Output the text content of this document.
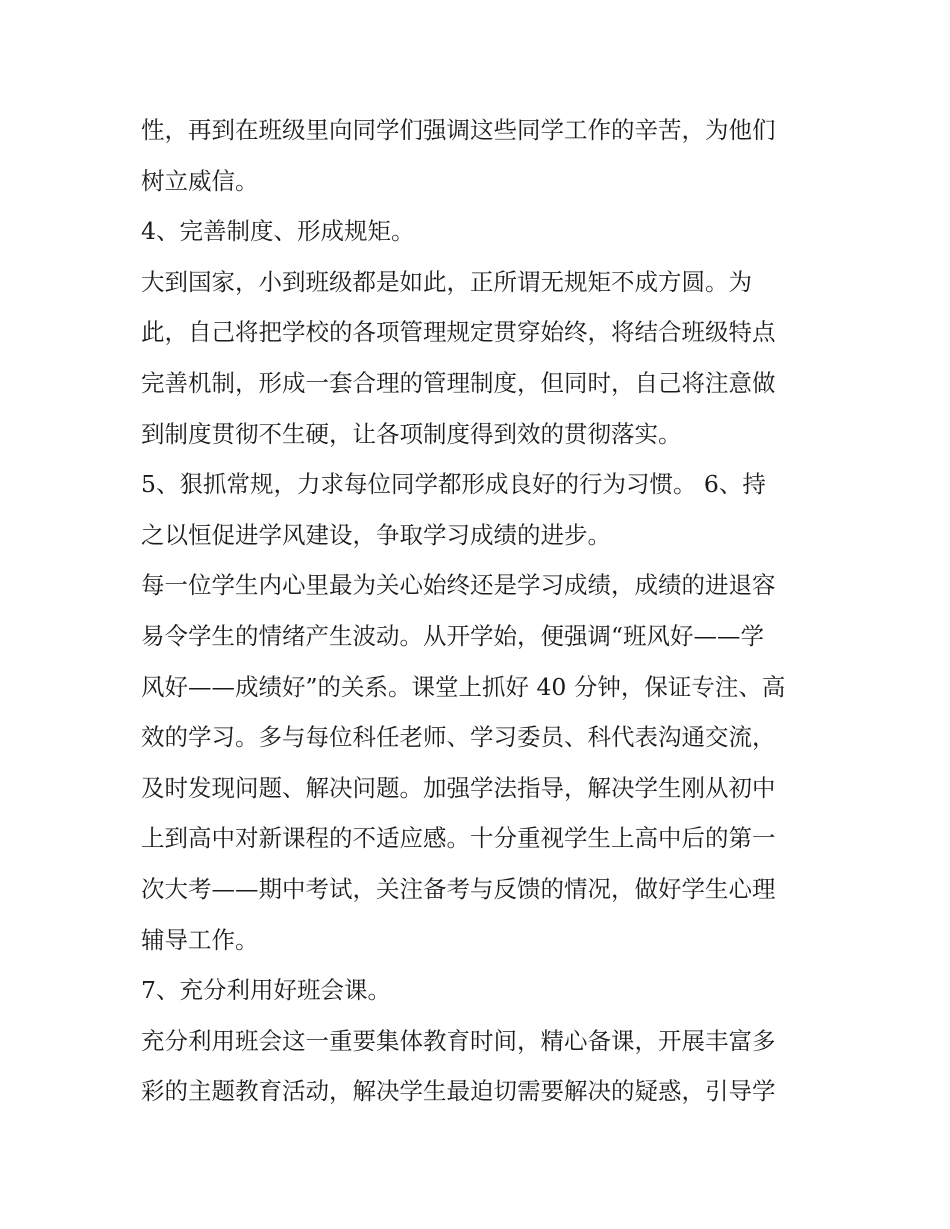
性，再到在班级里向同学们强调这些同学工作的辛苦，为他们
树立威信。
4、完善制度、形成规矩。
大到国家，小到班级都是如此，正所谓无规矩不成方圆。为
此，自己将把学校的各项管理规定贯穿始终，将结合班级特点
完善机制，形成一套合理的管理制度，但同时，自己将注意做
到制度贯彻不生硬，让各项制度得到效的贯彻落实。
5、狠抓常规，力求每位同学都形成良好的行为习惯。 6、持
之以恒促进学风建设，争取学习成绩的进步。
每一位学生内心里最为关心始终还是学习成绩，成绩的进退容
易令学生的情绪产生波动。从开学始，便强调“班风好——学
风好——成绩好”的关系。课堂上抓好 40 分钟，保证专注、高
效的学习。多与每位科任老师、学习委员、科代表沟通交流，
及时发现问题、解决问题。加强学法指导，解决学生刚从初中
上到高中对新课程的不适应感。十分重视学生上高中后的第一
次大考——期中考试，关注备考与反馈的情况，做好学生心理
辅导工作。
7、充分利用好班会课。
充分利用班会这一重要集体教育时间，精心备课，开展丰富多
彩的主题教育活动，解决学生最迫切需要解决的疑惑，引导学
